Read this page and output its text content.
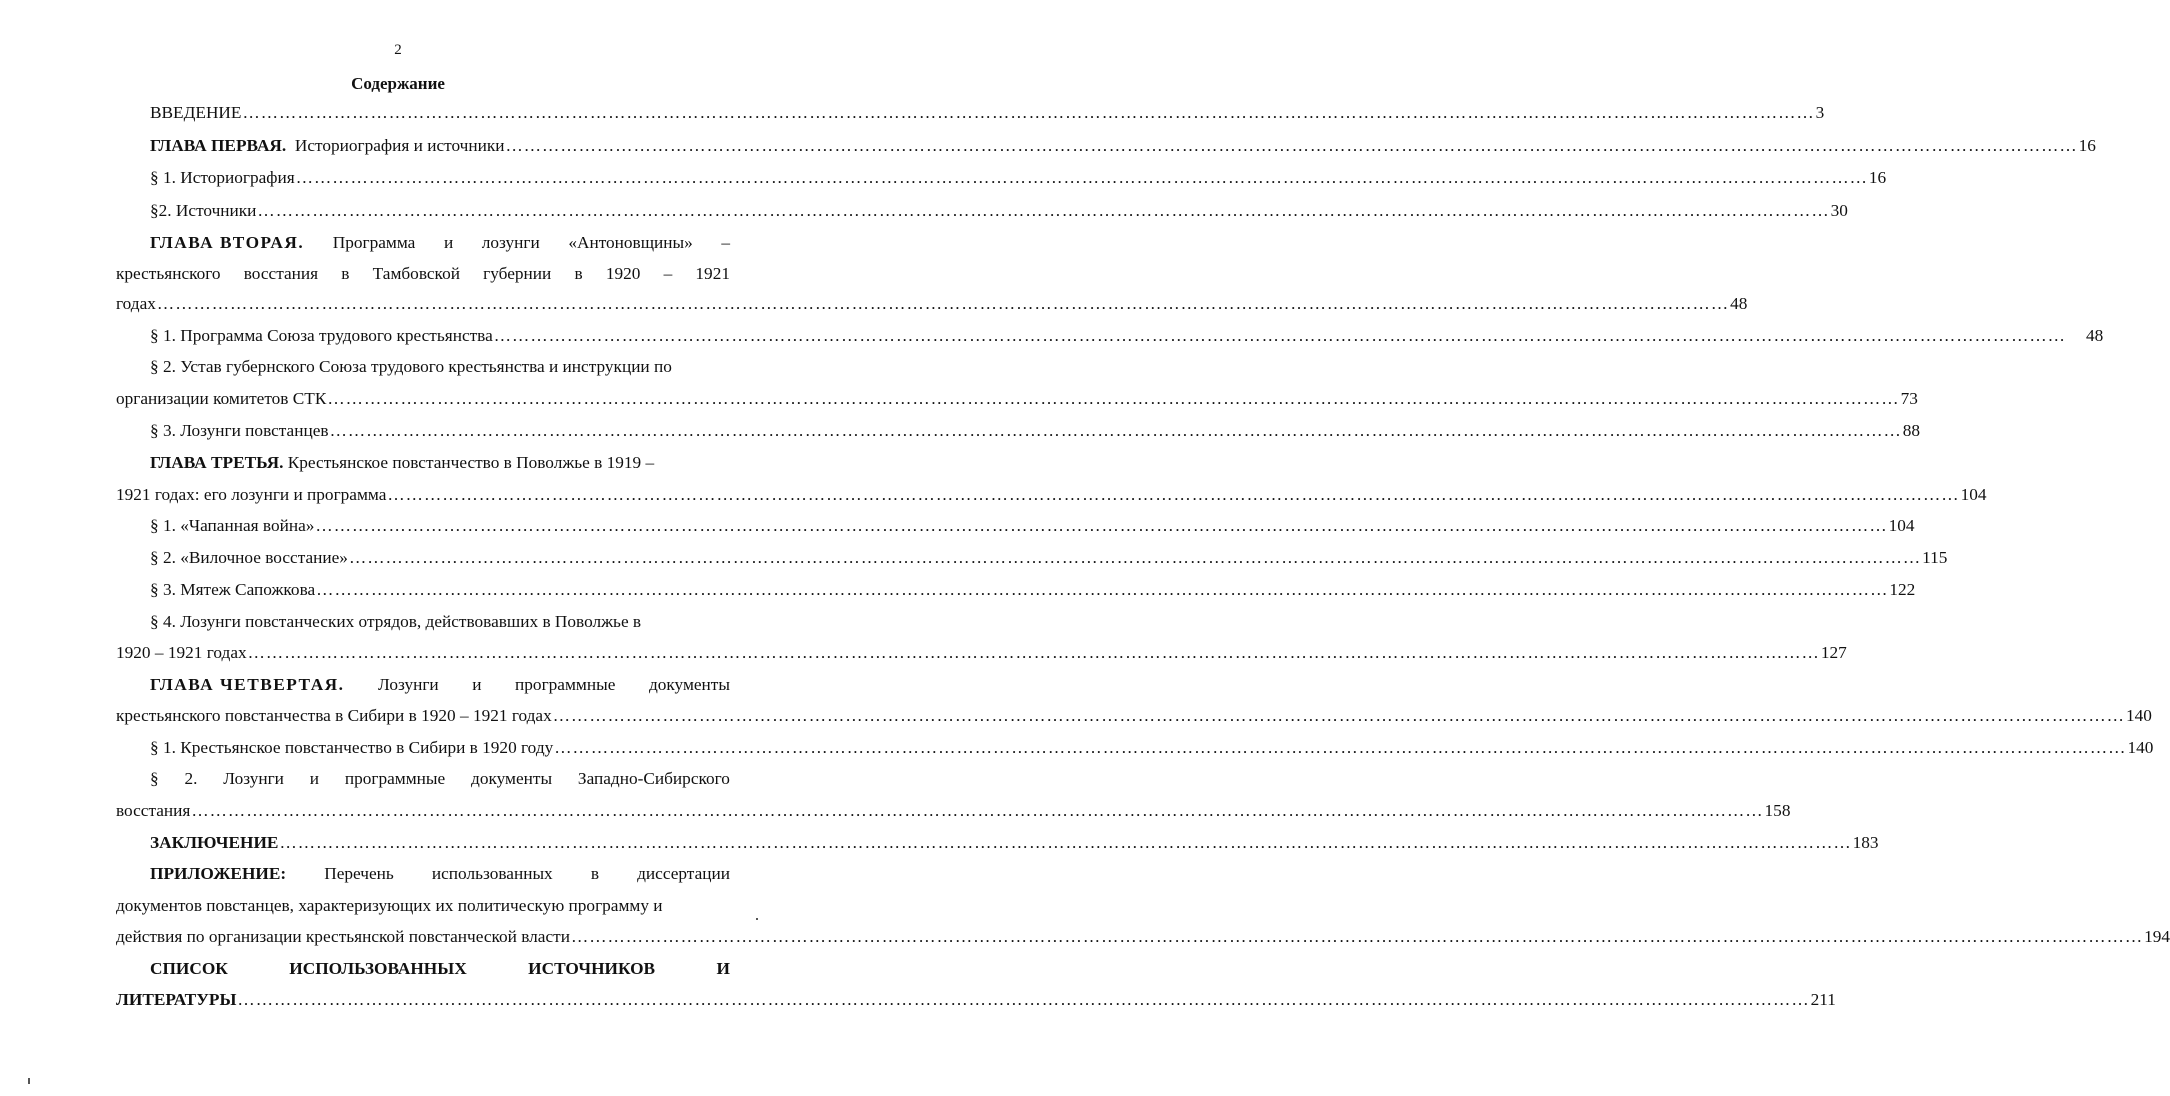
2
Содержание
ВВЕДЕНИЕ …………………………………………………………………………………………………………………………………………………………………………………………………………………………………… 3
ГЛАВА ПЕРВАЯ.
Историография и источники …………………………………………………………………………………………………………………………………………………………………………………………………………………………………… 16
§ 1. Историография …………………………………………………………………………………………………………………………………………………………………………………………………………………………………… 16
§2. Источники …………………………………………………………………………………………………………………………………………………………………………………………………………………………………… 30
ГЛАВА ВТОРАЯ. Программа и лозунги «Антоновщины» –
крестьянского восстания в Тамбовской губернии в 1920 – 1921
годах …………………………………………………………………………………………………………………………………………………………………………………………………………………………………… 48
§ 1. Программа Союза трудового крестьянства …………………………………………………………………………………………………………………………………………………………………………………………………………………………………… 48
§ 2. Устав губернского Союза трудового крестьянства и инструкции по
организации комитетов СТК …………………………………………………………………………………………………………………………………………………………………………………………………………………………………… 73
§ 3. Лозунги повстанцев …………………………………………………………………………………………………………………………………………………………………………………………………………………………………… 88
ГЛАВА ТРЕТЬЯ. Крестьянское повстанчество в Поволжье в 1919 –
1921 годах: его лозунги и программа …………………………………………………………………………………………………………………………………………………………………………………………………………………………………… 104
§ 1. «Чапанная война» …………………………………………………………………………………………………………………………………………………………………………………………………………………………………… 104
§ 2. «Вилочное восстание» …………………………………………………………………………………………………………………………………………………………………………………………………………………………………… 115
§ 3. Мятеж Сапожкова …………………………………………………………………………………………………………………………………………………………………………………………………………………………………… 122
§ 4. Лозунги повстанческих отрядов, действовавших в Поволжье в
1920 – 1921 годах …………………………………………………………………………………………………………………………………………………………………………………………………………………………………… 127
ГЛАВА ЧЕТВЕРТАЯ. Лозунги и программные документы
крестьянского повстанчества в Сибири в 1920 – 1921 годах …………………………………………………………………………………………………………………………………………………………………………………………………………………………………… 140
§ 1. Крестьянское повстанчество в Сибири в 1920 году …………………………………………………………………………………………………………………………………………………………………………………………………………………………………… 140
§ 2. Лозунги и программные документы Западно-Сибирского
восстания …………………………………………………………………………………………………………………………………………………………………………………………………………………………………… 158
ЗАКЛЮЧЕНИЕ …………………………………………………………………………………………………………………………………………………………………………………………………………………………………… 183
ПРИЛОЖЕНИЕ: Перечень использованных в диссертации
документов повстанцев, характеризующих их политическую программу и
действия по организации крестьянской повстанческой власти …………………………………………………………………………………………………………………………………………………………………………………………………………………………………… 194
СПИСОК	ИСПОЛЬЗОВАННЫХ	ИСТОЧНИКОВ	И
ЛИТЕРАТУРЫ …………………………………………………………………………………………………………………………………………………………………………………………………………………………………… 211
